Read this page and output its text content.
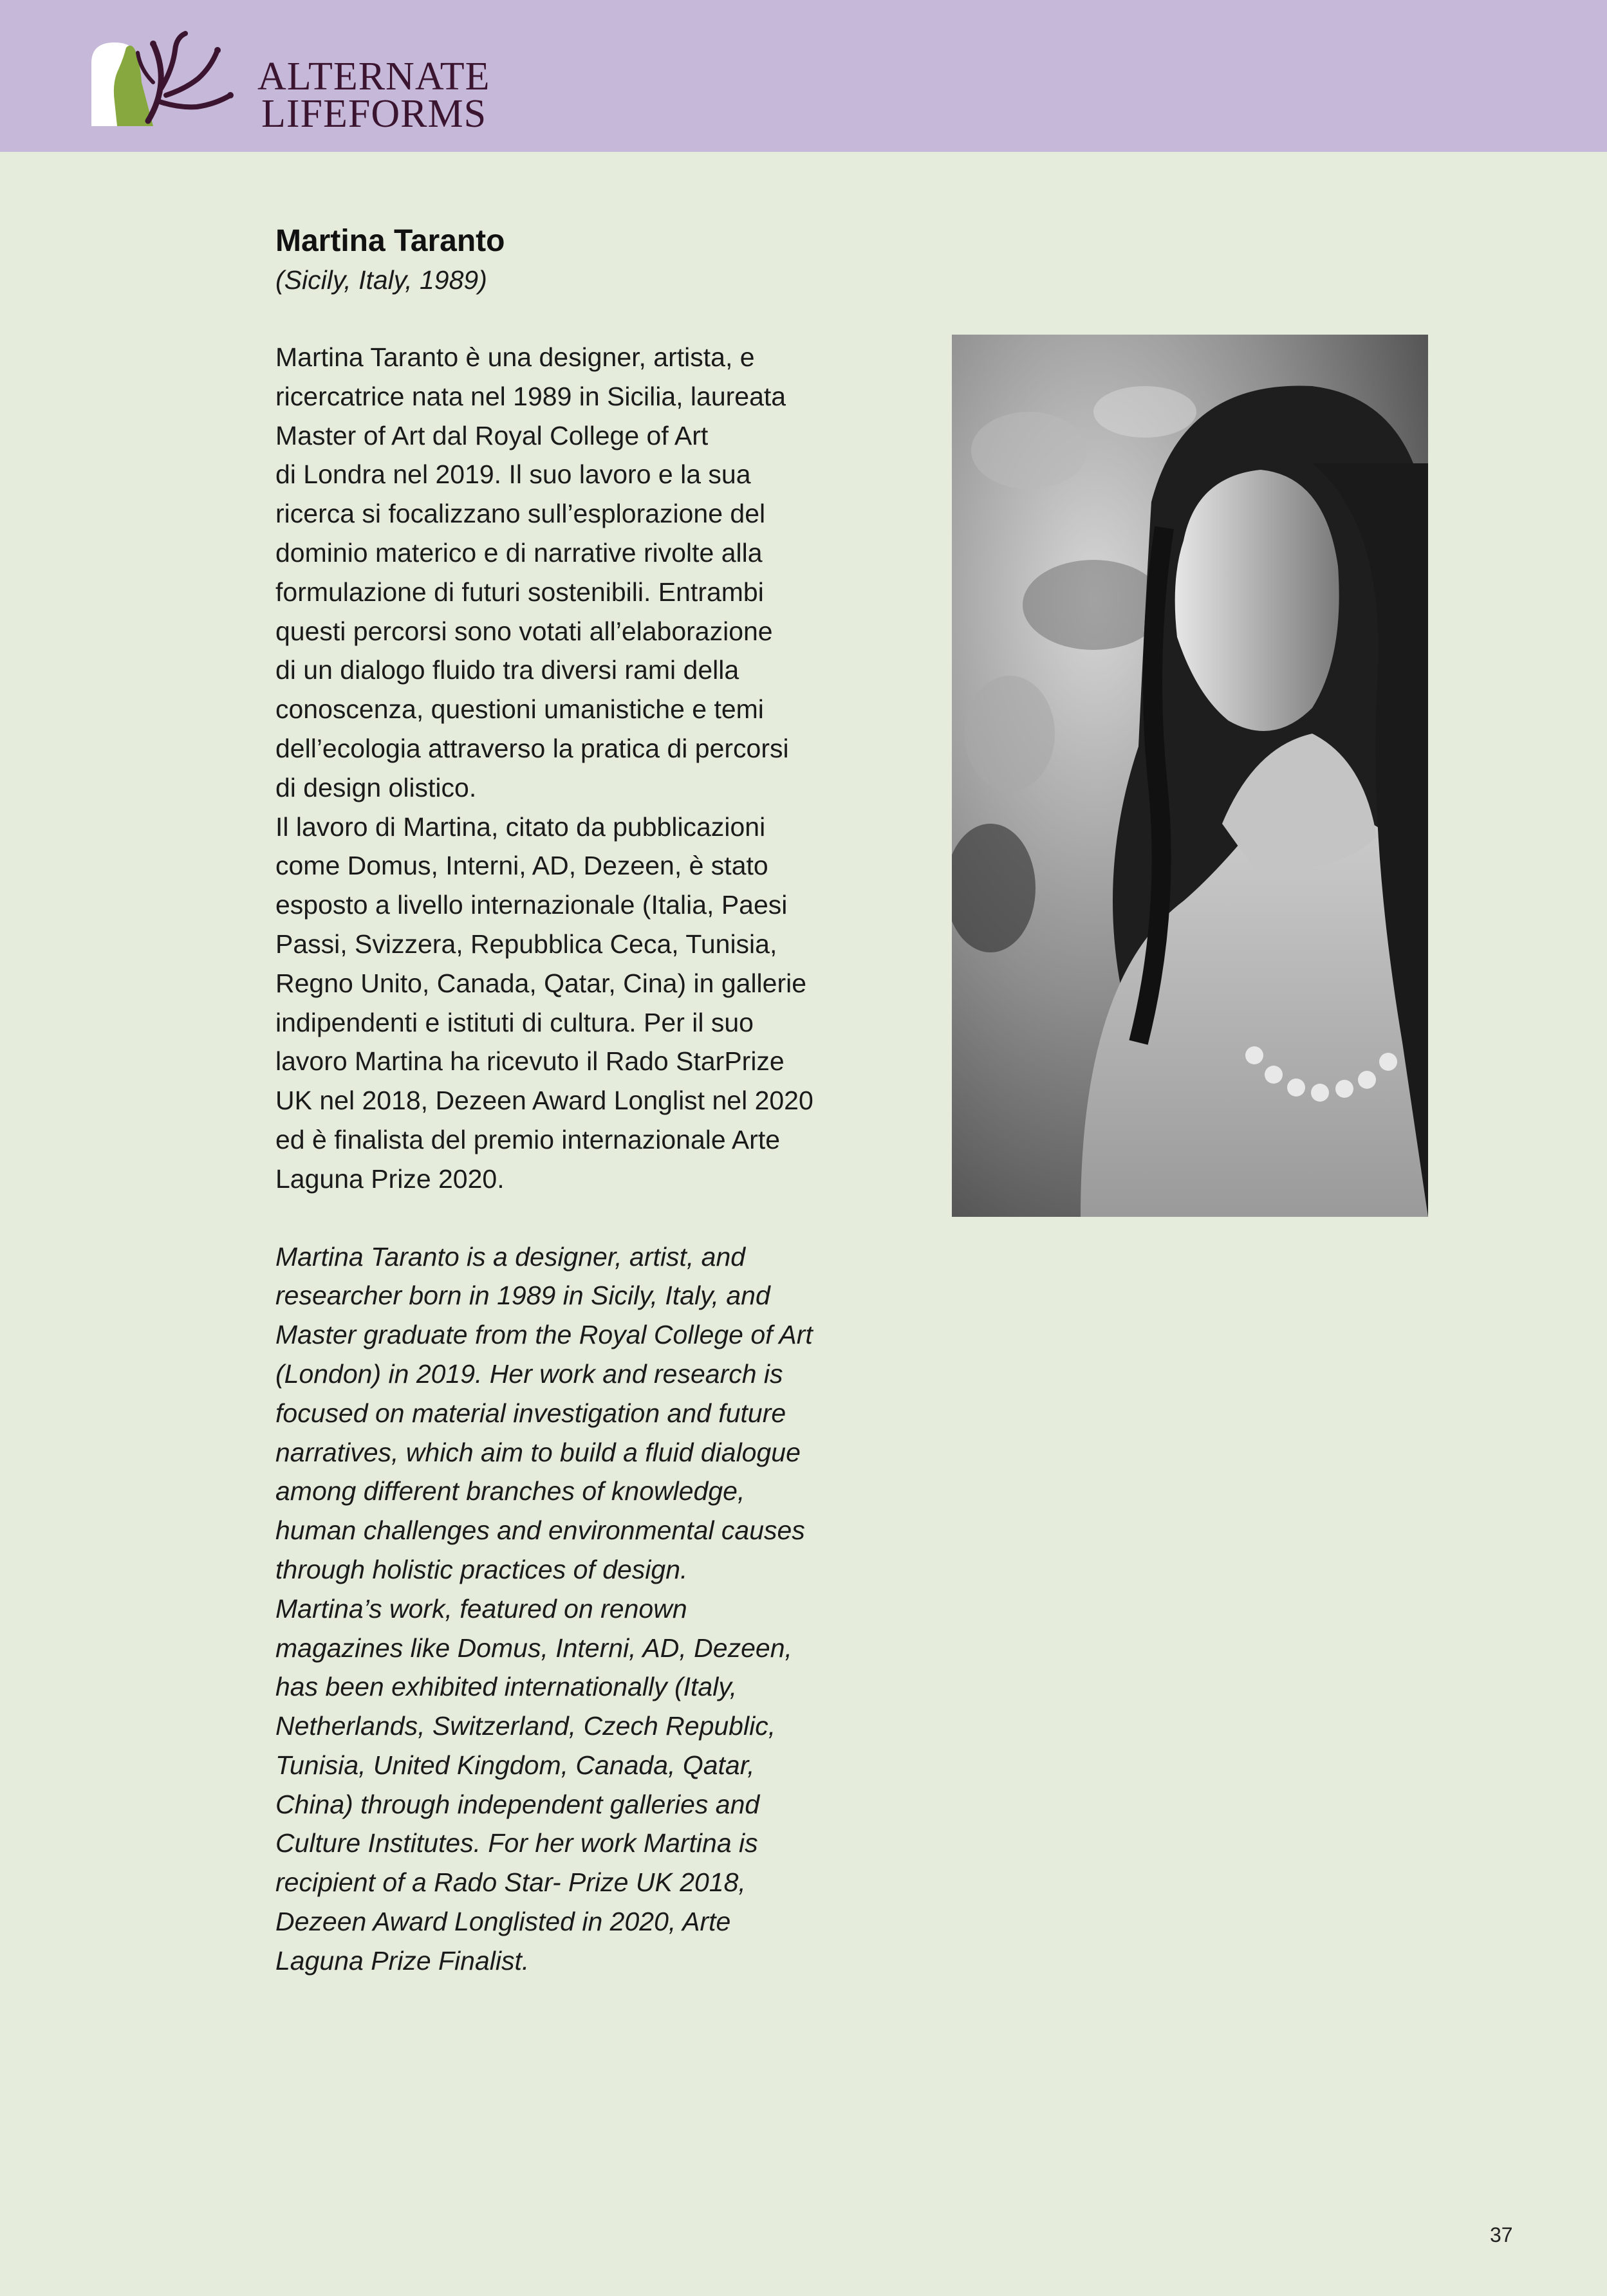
ALTERNATE
LIFEFORMS
Martina Taranto

(Sicily, Italy, 1989)

Martina Taranto è una designer, artista, e
ricercatrice nata nel 1989 in Sicilia, laureata
Master of Art dal Royal College of Art
di Londra nel 2019. Il suo lavoro e la sua
ricerca si focalizzano sull’esplorazione del
dominio materico e di narrative rivolte alla
formulazione di futuri sostenibili. Entrambi
questi percorsi sono votati all’elaborazione
di un dialogo fluido tra diversi rami della
conoscenza, questioni umanistiche e temi
dell’ecologia attraverso la pratica di percorsi
di design olistico.

Il lavoro di Martina, citato da pubblicazioni
come Domus, Interni, AD, Dezeen, è stato
esposto a livello internazionale (Italia, Paesi
Passi, Svizzera, Repubblica Ceca, Tunisia,
Regno Unito, Canada, Qatar, Cina) in gallerie
indipendenti e istituti di cultura. Per il suo
lavoro Martina ha ricevuto il Rado StarPrize
UK nel 2018, Dezeen Award Longlist nel 2020
ed è finalista del premio internazionale Arte
Laguna Prize 2020.

Martina Taranto is a designer, artist, and
researcher born in 1989 in Sicily, Italy, and
Master graduate from the Royal College of Art
(London) in 2019. Her work and research is
focused on material investigation and future
narratives, which aim to build a fluid dialogue
among different branches of knowledge,
human challenges and environmental causes
through holistic practices of design.

Martina’s work, featured on renown
magazines like Domus, Interni, AD, Dezeen,
has been exhibited internationally (Italy,
Netherlands, Switzerland, Czech Republic,
Tunisia, United Kingdom, Canada, Qatar,
China) through independent galleries and
Culture Institutes. For her work Martina is
recipient of a Rado Star- Prize UK 2018,
Dezeen Award Longlisted in 2020, Arte
Laguna Prize Finalist.

37
